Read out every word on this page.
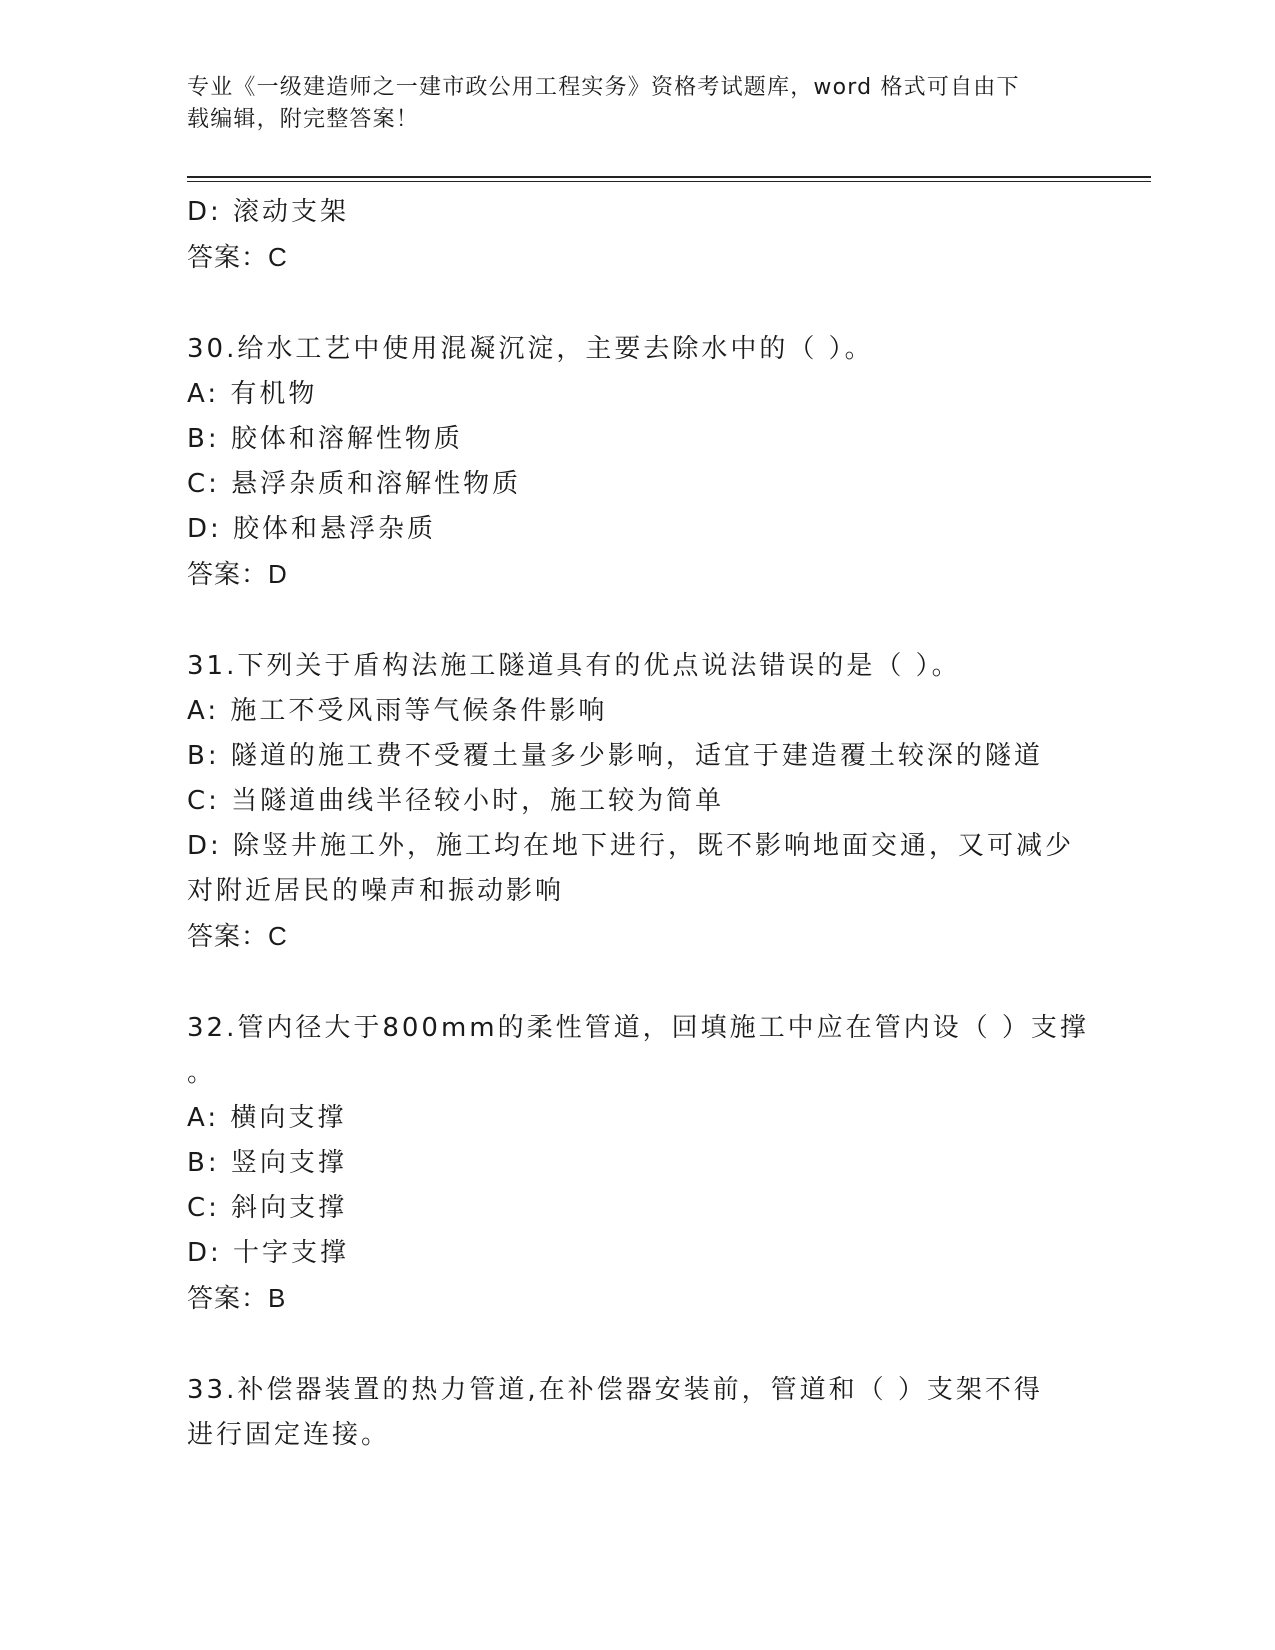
专业《一级建造师之一建市政公用工程实务》资格考试题库，word 格式可自由下
载编辑，附完整答案！
D: 滚动支架
答案：C
30.给水工艺中使用混凝沉淀，主要去除水中的（ ）。
A: 有机物
B: 胶体和溶解性物质
C: 悬浮杂质和溶解性物质
D: 胶体和悬浮杂质
答案：D
31.下列关于盾构法施工隧道具有的优点说法错误的是（ ）。
A: 施工不受风雨等气候条件影响
B: 隧道的施工费不受覆土量多少影响，适宜于建造覆土较深的隧道
C: 当隧道曲线半径较小时，施工较为简单
D: 除竖井施工外，施工均在地下进行，既不影响地面交通，又可减少
对附近居民的噪声和振动影响
答案：C
32.管内径大于800mm的柔性管道，回填施工中应在管内设（ ）支撑
。
A: 横向支撑
B: 竖向支撑
C: 斜向支撑
D: 十字支撑
答案：B
33.补偿器装置的热力管道,在补偿器安装前，管道和（ ）支架不得
进行固定连接。
